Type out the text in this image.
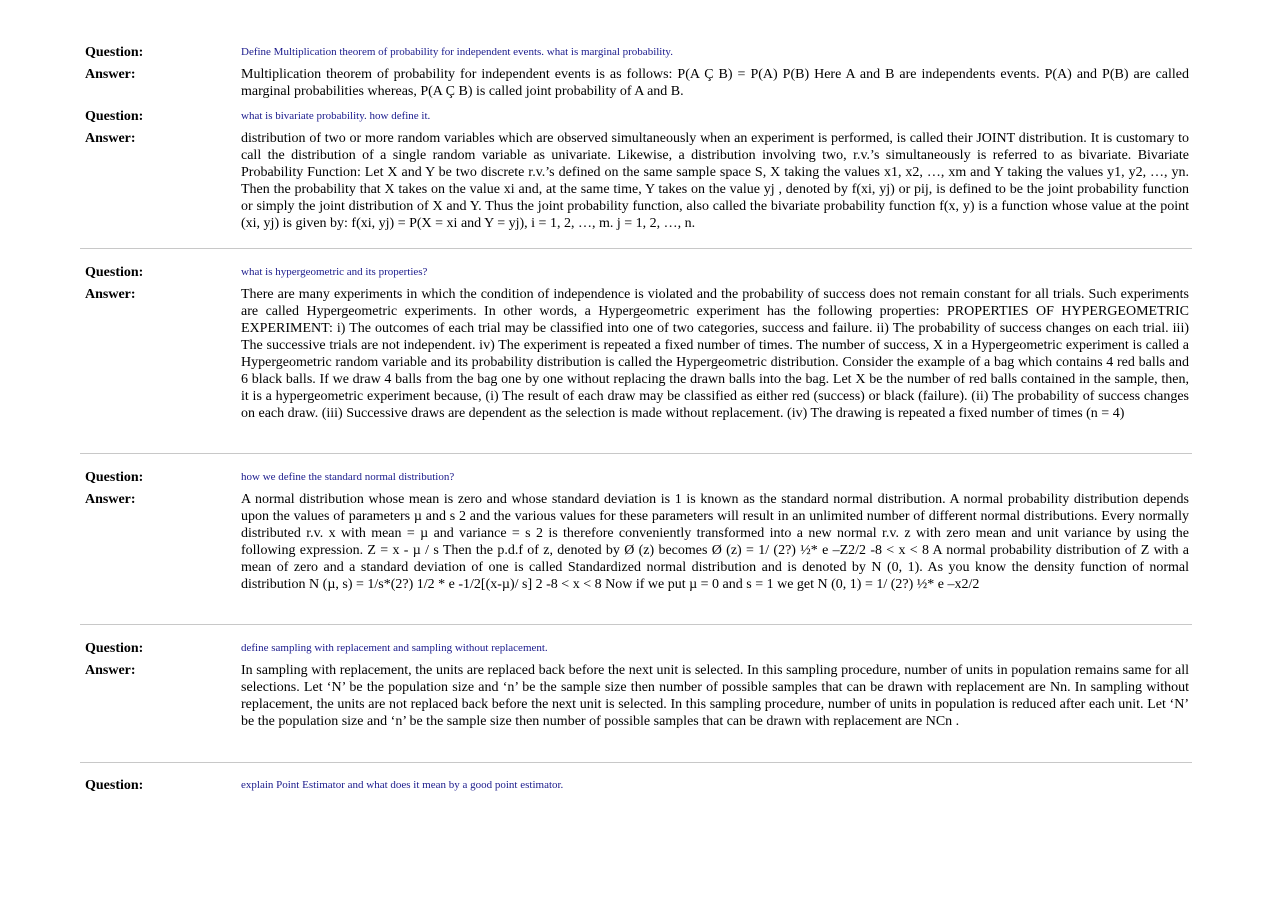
Question:	Define Multiplication theorem of probability for independent events. what is marginal probability.
Answer:	Multiplication theorem of probability for independent events is as follows: P(A Ç B) = P(A) P(B) Here A and B are independents events. P(A) and P(B) are called marginal probabilities whereas, P(A Ç B) is called joint probability of A and B.
Question:	what is bivariate probability. how define it.
Answer:	distribution of two or more random variables which are observed simultaneously when an experiment is performed, is called their JOINT distribution. It is customary to call the distribution of a single random variable as univariate. Likewise, a distribution involving two, r.v.’s simultaneously is referred to as bivariate. Bivariate Probability Function: Let X and Y be two discrete r.v.’s defined on the same sample space S, X taking the values x1, x2, …, xm and Y taking the values y1, y2, …, yn. Then the probability that X takes on the value xi and, at the same time, Y takes on the value yj , denoted by f(xi, yj) or pij, is defined to be the joint probability function or simply the joint distribution of X and Y. Thus the joint probability function, also called the bivariate probability function f(x, y) is a function whose value at the point (xi, yj) is given by: f(xi, yj) = P(X = xi and Y = yj), i = 1, 2, …, m. j = 1, 2, …, n.
Question:	what is hypergeometric and its properties?
Answer:	There are many experiments in which the condition of independence is violated and the probability of success does not remain constant for all trials. Such experiments are called Hypergeometric experiments. In other words, a Hypergeometric experiment has the following properties: PROPERTIES OF HYPERGEOMETRIC EXPERIMENT: i) The outcomes of each trial may be classified into one of two categories, success and failure. ii) The probability of success changes on each trial. iii) The successive trials are not independent. iv) The experiment is repeated a fixed number of times. The number of success, X in a Hypergeometric experiment is called a Hypergeometric random variable and its probability distribution is called the Hypergeometric distribution. Consider the example of a bag which contains 4 red balls and 6 black balls. If we draw 4 balls from the bag one by one without replacing the drawn balls into the bag. Let X be the number of red balls contained in the sample, then, it is a hypergeometric experiment because, (i) The result of each draw may be classified as either red (success) or black (failure). (ii) The probability of success changes on each draw. (iii) Successive draws are dependent as the selection is made without replacement. (iv) The drawing is repeated a fixed number of times (n = 4)
Question:	how we define the standard normal distribution?
Answer:	A normal distribution whose mean is zero and whose standard deviation is 1 is known as the standard normal distribution. A normal probability distribution depends upon the values of parameters µ and s 2 and the various values for these parameters will result in an unlimited number of different normal distributions. Every normally distributed r.v. x with mean = µ and variance = s 2 is therefore conveniently transformed into a new normal r.v. z with zero mean and unit variance by using the following expression. Z = x - µ / s Then the p.d.f of z, denoted by Ø (z) becomes Ø (z) = 1/ (2?) ½* e –Z2/2 -8 < x < 8 A normal probability distribution of Z with a mean of zero and a standard deviation of one is called Standardized normal distribution and is denoted by N (0, 1). As you know the density function of normal distribution N (µ, s) = 1/s*(2?) 1/2 * e -1/2[(x-µ)/ s] 2 -8 < x < 8 Now if we put µ = 0 and s = 1 we get N (0, 1) = 1/ (2?) ½* e –x2/2
Question:	define sampling with replacement and sampling without replacement.
Answer:	In sampling with replacement, the units are replaced back before the next unit is selected. In this sampling procedure, number of units in population remains same for all selections. Let ‘N’ be the population size and ‘n’ be the sample size then number of possible samples that can be drawn with replacement are Nn. In sampling without replacement, the units are not replaced back before the next unit is selected. In this sampling procedure, number of units in population is reduced after each unit. Let ‘N’ be the population size and ‘n’ be the sample size then number of possible samples that can be drawn with replacement are NCn .
Question:	explain Point Estimator and what does it mean by a good point estimator.
